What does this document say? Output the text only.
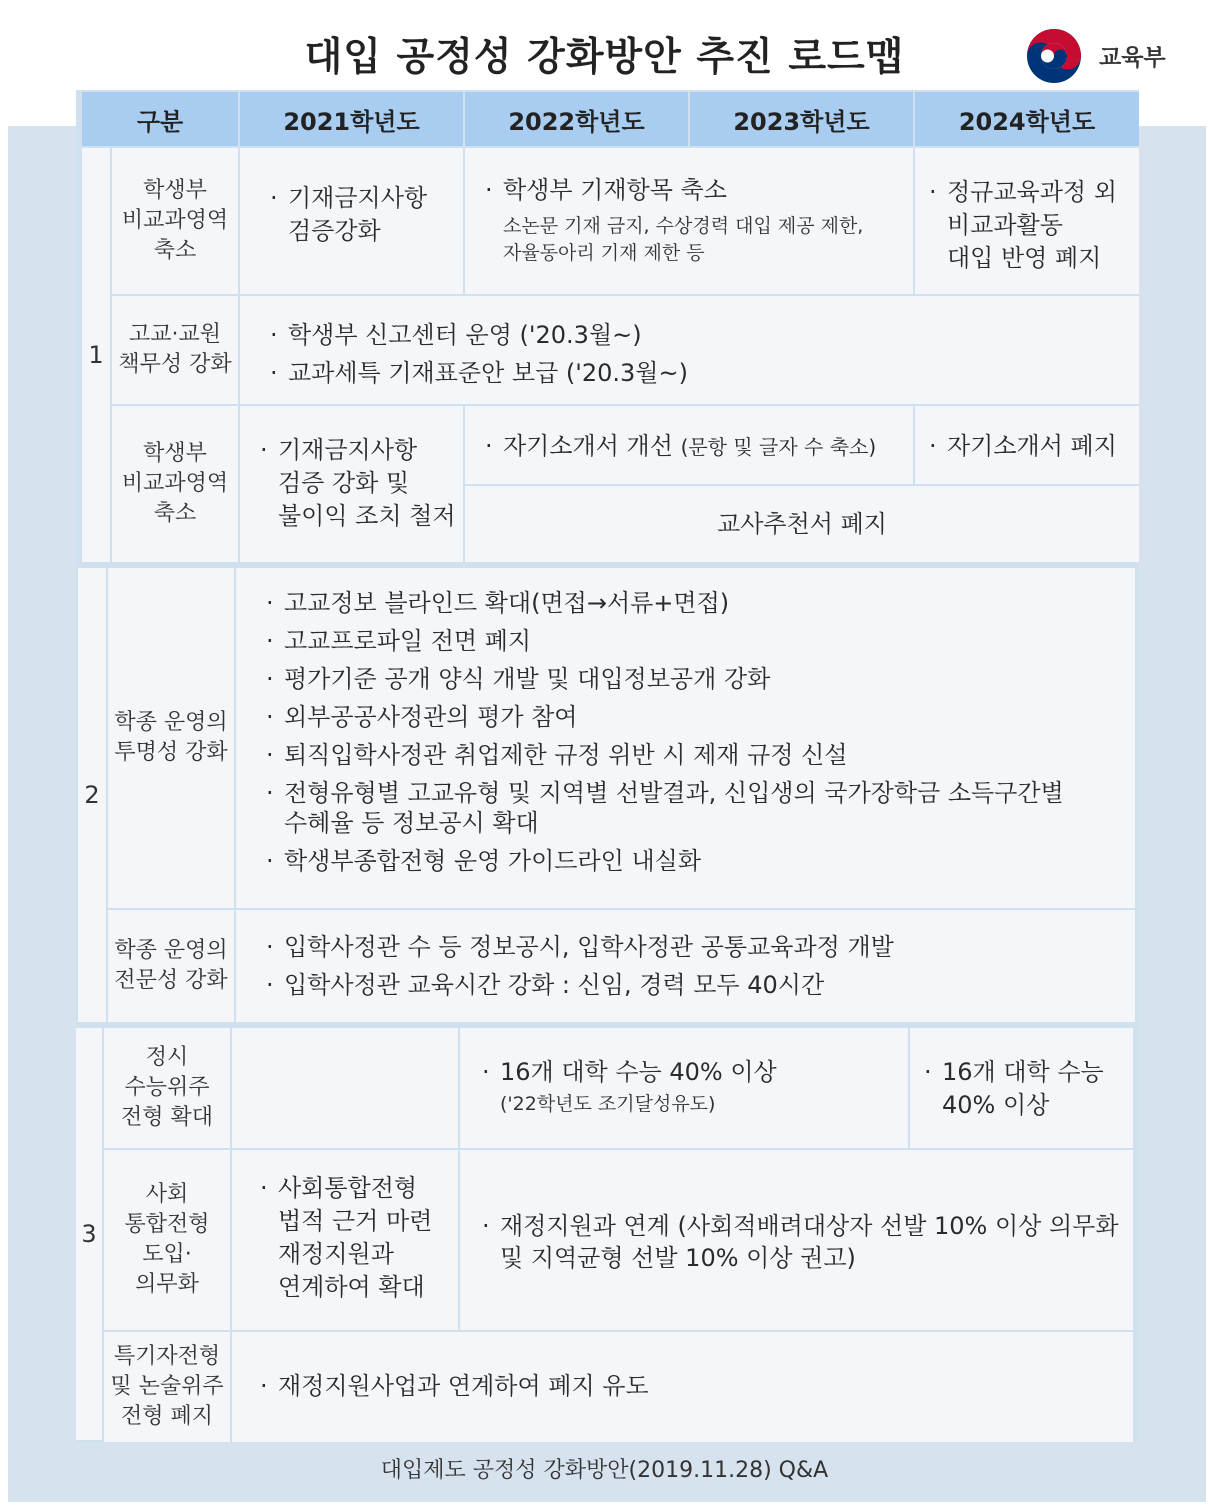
대입 공정성 강화방안 추진 로드맵	교육부
구분	2021학년도	2022학년도	2023학년도	2024학년도
1
학생부
비교과영역
축소
· 기재금지사항
검증강화
· 학생부 기재항목 축소
소논문 기재 금지, 수상경력 대입 제공 제한,
자율동아리 기재 제한 등
· 정규교육과정 외
비교과활동
대입 반영 폐지
고교·교원
책무성 강화
· 학생부 신고센터 운영 ('20.3월~)
· 교과세특 기재표준안 보급 ('20.3월~)
학생부
비교과영역
축소
· 기재금지사항
검증 강화 및
불이익 조치 철저
· 자기소개서 개선 (문항 및 글자 수 축소)
·	자기소개서 폐지
교사추천서 폐지
2
학종 운영의
투명성 강화
· 고교정보 블라인드 확대(면접→서류+면접)
· 고교프로파일 전면 폐지
· 평가기준 공개 양식 개발 및 대입정보공개 강화
· 외부공공사정관의 평가 참여
· 퇴직입학사정관 취업제한 규정 위반 시 제재 규정 신설
· 전형유형별 고교유형 및 지역별 선발결과, 신입생의 국가장학금 소득구간별
수혜율 등 정보공시 확대
· 학생부종합전형 운영 가이드라인 내실화
학종 운영의
전문성 강화
· 입학사정관 수 등 정보공시, 입학사정관 공통교육과정 개발
· 입학사정관 교육시간 강화 : 신임, 경력 모두 40시간
3
정시
수능위주
전형 확대
· 16개 대학 수능 40% 이상
('22학년도 조기달성유도)
· 16개 대학 수능
40% 이상
사회
통합전형
도입·
의무화
· 사회통합전형
법적 근거 마련
재정지원과
연계하여 확대
· 재정지원과 연계 (사회적배려대상자 선발 10% 이상 의무화
및 지역균형 선발 10% 이상 권고)
특기자전형
및 논술위주
전형 폐지
· 재정지원사업과 연계하여 폐지 유도
대입제도 공정성 강화방안(2019.11.28) Q&A
